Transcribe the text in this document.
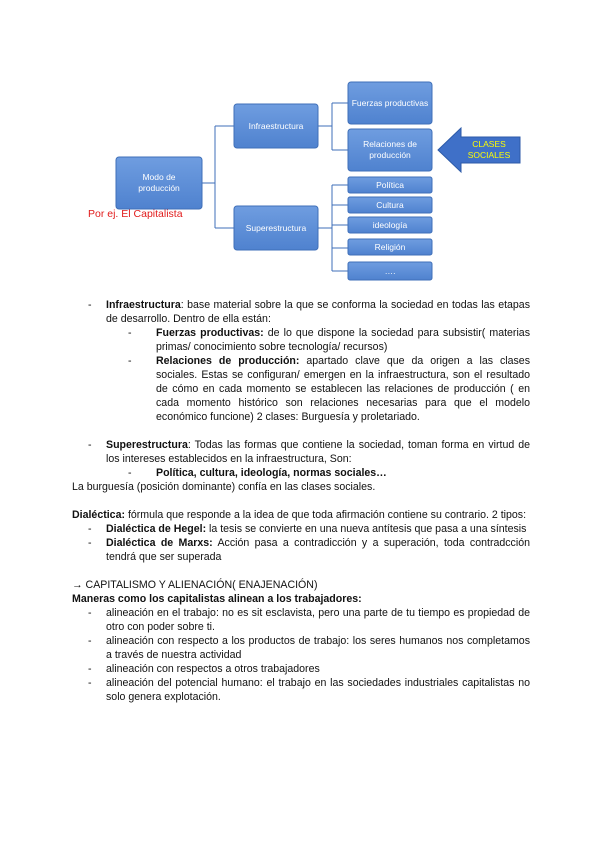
Modo de producción
Infraestructura
Superestructura
Fuerzas productivas
Relaciones de producción
Política
Cultura
ideología
Religión
….
CLASES SOCIALES
Por ej. El Capitalista
- Infraestructura: base material sobre la que se conforma la sociedad en todas las etapas de desarrollo. Dentro de ella están:
- Fuerzas productivas: de lo que dispone la sociedad para subsistir( materias primas/ conocimiento sobre tecnología/ recursos)
- Relaciones de producción: apartado clave que da origen a las clases sociales. Estas se configuran/ emergen en la infraestructura, son el resultado de cómo en cada momento se establecen las relaciones de producción ( en cada momento histórico son relaciones necesarias para que el modelo económico funcione) 2 clases: Burguesía y proletariado.
- Superestructura: Todas las formas que contiene la sociedad, toman forma en virtud de los intereses establecidos en la infraestructura, Son:
- Política, cultura, ideología, normas sociales…

La burguesía (posición dominante) confía en las clases sociales.

Dialéctica: fórmula que responde a la idea de que toda afirmación contiene su contrario. 2 tipos:

- Dialéctica de Hegel: la tesis se convierte en una nueva antítesis que pasa a una síntesis
- Dialéctica de Marxs: Acción pasa a contradicción y a superación, toda contradcción tendrá que ser superada

→ CAPITALISMO Y ALIENACIÓN( ENAJENACIÓN)

Maneras como los capitalistas alinean a los trabajadores:

- alineación en el trabajo: no es sit esclavista, pero una parte de tu tiempo es propiedad de otro con poder sobre ti.
- alineación con respecto a los productos de trabajo: los seres humanos nos completamos a través de nuestra actividad
- alineación con respectos a otros trabajadores
- alineación del potencial humano: el trabajo en las sociedades industriales capitalistas no solo genera explotación.
